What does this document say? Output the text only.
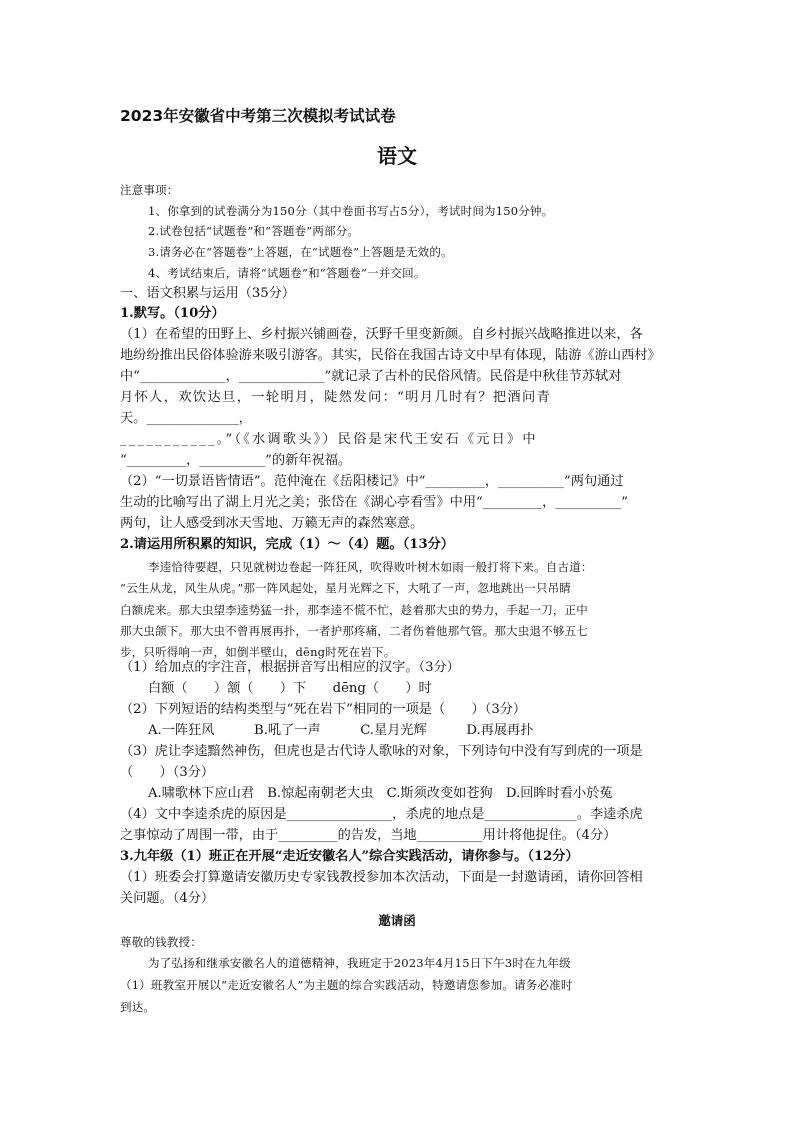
2023年安徽省中考第三次模拟考试试卷
语文
注意事项：
1、你拿到的试卷满分为150分（其中卷面书写占5分），考试时间为150分钟。
2.试卷包括“试题卷”和“答题卷”两部分。
3.请务必在“答题卷”上答题，在“试题卷”上答题是无效的。
4、考试结束后，请将“试题卷”和“答题卷”一并交回。
一、语文积累与运用（35分）
1.默写。（10分）
（1）在希望的田野上、乡村振兴铺画卷，沃野千里变新颜。自乡村振兴战略推进以来，各
地纷纷推出民俗体验游来吸引游客。其实，民俗在我国古诗文中早有体现，陆游《游山西村》
中“_____________，_____________”就记录了古朴的民俗风情。民俗是中秋佳节苏轼对
月怀人，欢饮达旦，一轮明月，陡然发问：“明月几时有？把酒问青
天。______________，
___________。”（《水调歌头》）民俗是宋代王安石《元日》中
“_________，__________”的新年祝福。
（2）“一切景语皆情语”。范仲淹在《岳阳楼记》中“_________，__________”两句通过
生动的比喻写出了湖上月光之美；张岱在《湖心亭看雪》中用“_________，__________”
两句，让人感受到冰天雪地、万籁无声的森然寒意。
2.请运用所积累的知识，完成（1）～（4）题。（13分）
李逵恰待要趕，只见就树边卷起一阵狂风，吹得败叶树木如雨一般打将下来。自古道：
“云生从龙，风生从虎。”那一阵风起处，星月光辉之下，大吼了一声，忽地跳出一只吊睛
白额虎来。那大虫望李逵势猛一扑，那李逵不慌不忙，趁着那大虫的势力，手起一刀，正中
那大虫颌下。那大虫不曾再展再扑，一者护那疼痛，二者伤着他那气管。那大虫退不够五七
步，只听得响一声，如倒半壁山，dēng时死在岩下。
（1）给加点的字注音，根据拼音写出相应的汉字。（3分）
白额（　　）颔（　　）下　　dēng（　　）时
（2）下列短语的结构类型与“死在岩下”相同的一项是（　　）（3分）
A.一阵狂风　　　B.吼了一声　　　C.星月光辉　　　D.再展再扑
（3）虎让李逵黯然神伤，但虎也是古代诗人歌咏的对象，下列诗句中没有写到虎的一项是
（　　）（3分）
A.啸歌林下应山君　B.惊起南朝老大虫　C.斯须改变如苍狗　D.回眸时看小於菟
（4）文中李逵杀虎的原因是________________，杀虎的地点是______________。李逵杀虎
之事惊动了周围一带，由于_________的告发，当地__________用计将他捉住。（4分）
3.九年级（1）班正在开展“走近安徽名人”综合实践活动，请你参与。（12分）
（1）班委会打算邀请安徽历史专家钱教授参加本次活动，下面是一封邀请函，请你回答相
关问题。（4分）
邀请函
尊敬的钱教授：
为了弘扬和继承安徽名人的道德精神，我班定于2023年4月15日下午3时在九年级
（1）班教室开展以“走近安徽名人”为主题的综合实践活动，特邀请您参加。请务必准时
到达。
